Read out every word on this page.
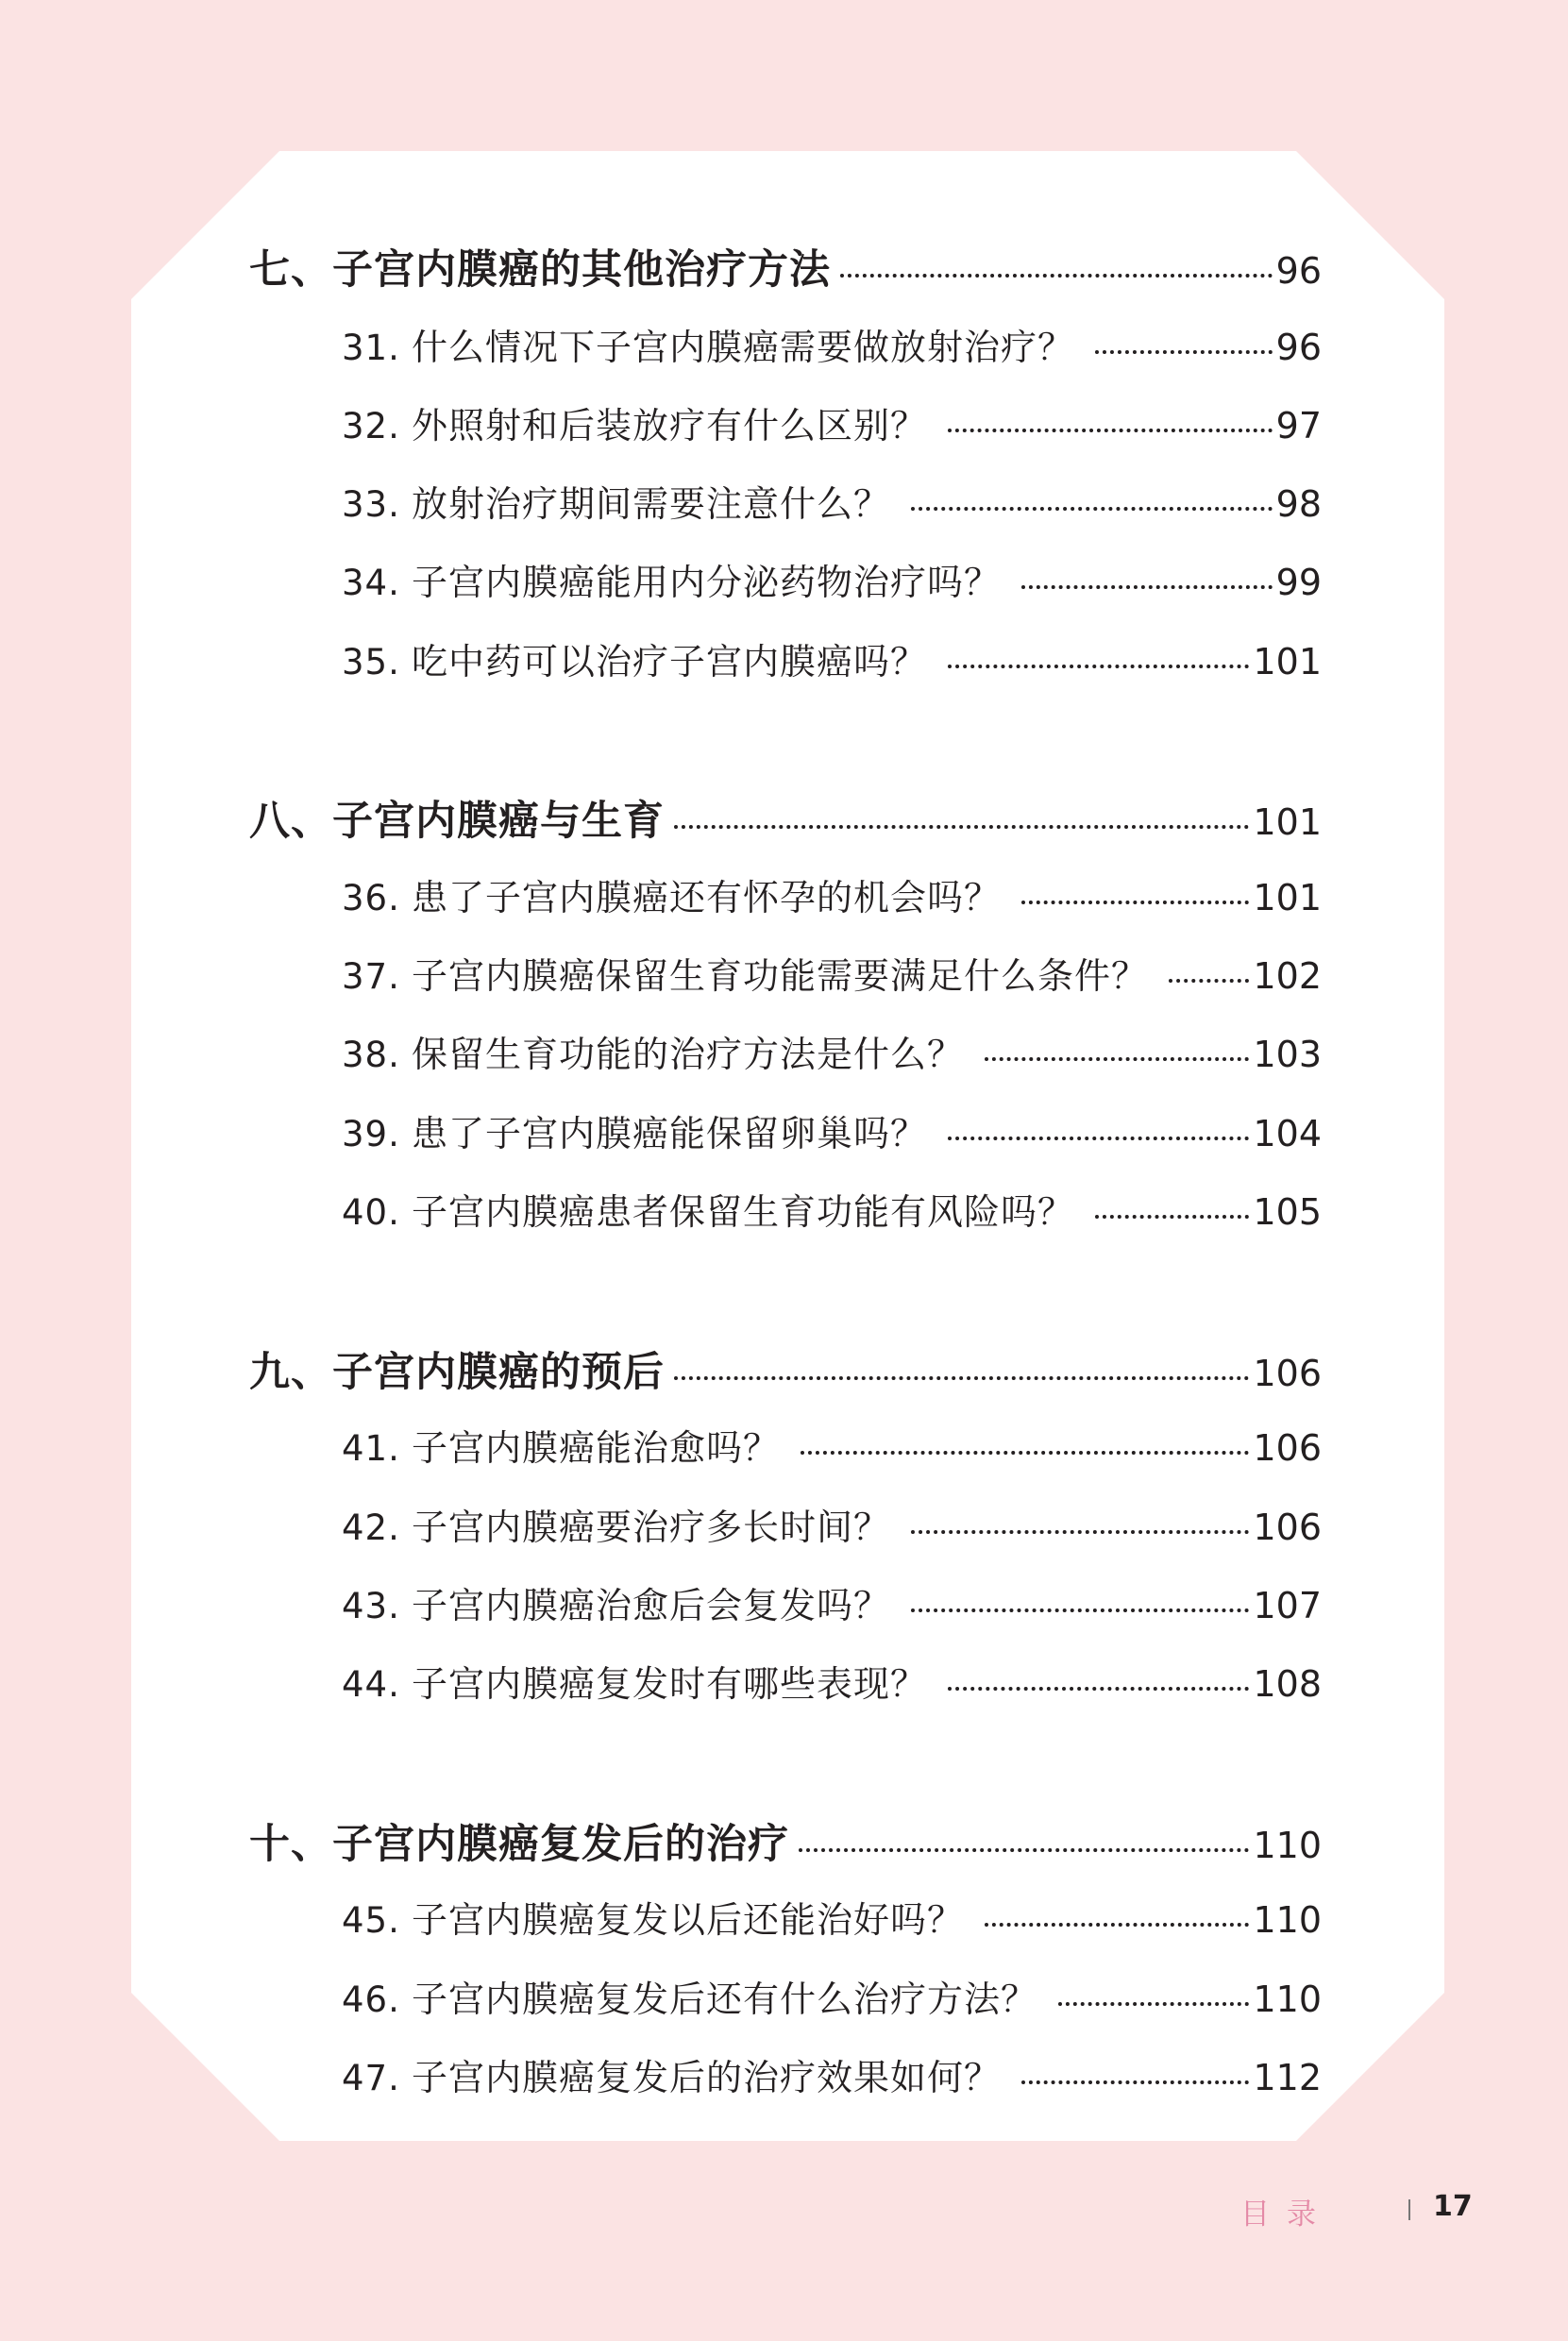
七、子宫内膜癌的其他治疗方法	96
31. 什么情况下子宫内膜癌需要做放射治疗？	96
32. 外照射和后装放疗有什么区别？	97
33. 放射治疗期间需要注意什么？	98
34. 子宫内膜癌能用内分泌药物治疗吗？	99
35. 吃中药可以治疗子宫内膜癌吗？	101
八、子宫内膜癌与生育	101
36. 患了子宫内膜癌还有怀孕的机会吗？	101
37. 子宫内膜癌保留生育功能需要满足什么条件？	102
38. 保留生育功能的治疗方法是什么？	103
39. 患了子宫内膜癌能保留卵巢吗？	104
40. 子宫内膜癌患者保留生育功能有风险吗？	105
九、子宫内膜癌的预后	106
41. 子宫内膜癌能治愈吗？	106
42. 子宫内膜癌要治疗多长时间？	106
43. 子宫内膜癌治愈后会复发吗？	107
44. 子宫内膜癌复发时有哪些表现？	108
十、子宫内膜癌复发后的治疗	110
45. 子宫内膜癌复发以后还能治好吗？	110
46. 子宫内膜癌复发后还有什么治疗方法？	110
47. 子宫内膜癌复发后的治疗效果如何？	112
目录	17
